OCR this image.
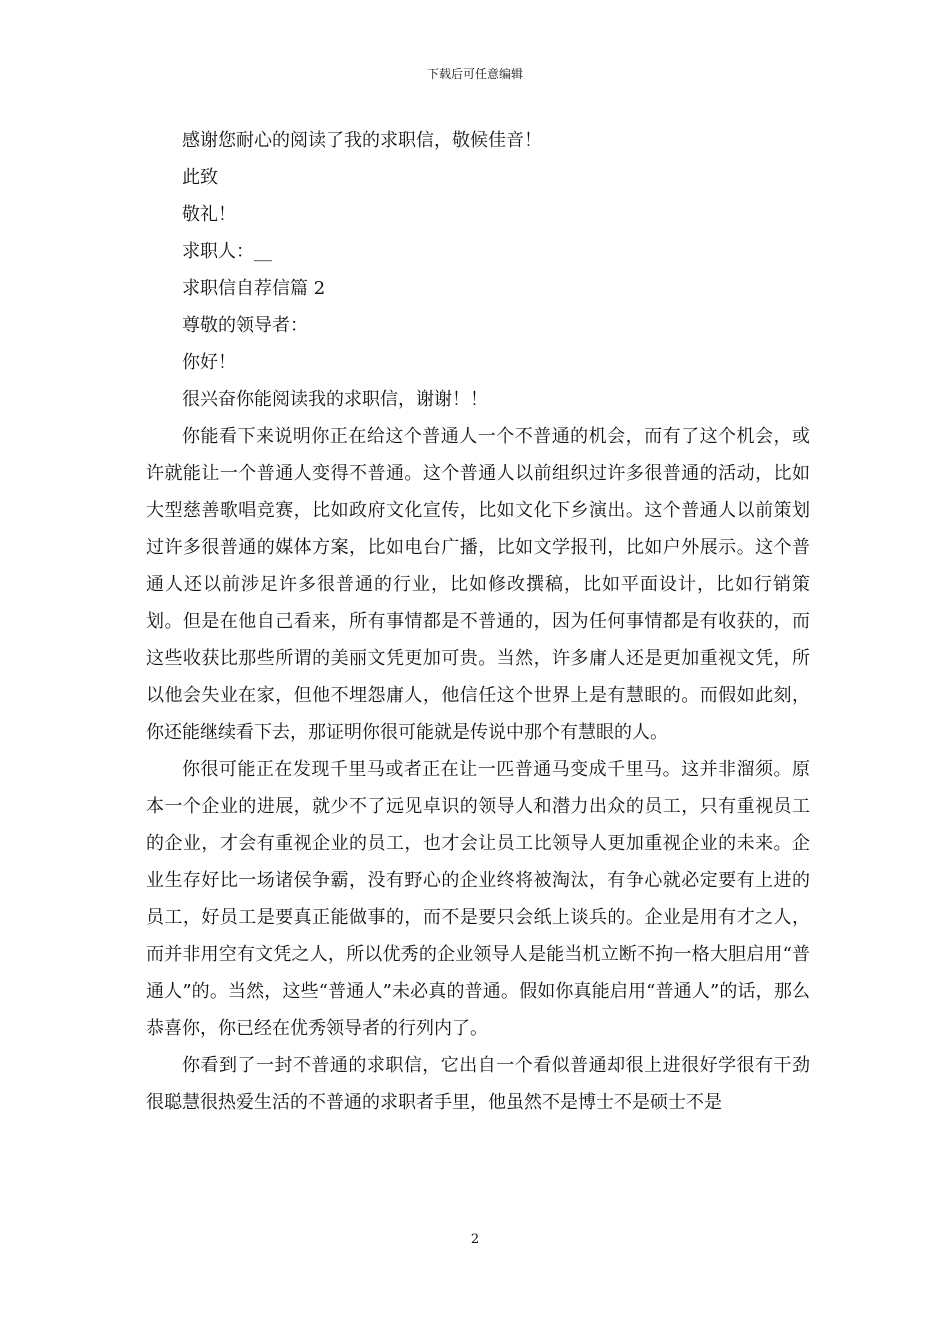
下载后可任意编辑
感谢您耐心的阅读了我的求职信，敬候佳音！
此致
敬礼！
求职人：__
求职信自荐信篇 2
尊敬的领导者：
你好！
很兴奋你能阅读我的求职信，谢谢！！

你能看下来说明你正在给这个普通人一个不普通的机会，而有了这个机会，或许就能让一个普通人变得不普通。这个普通人以前组织过许多很普通的活动，比如大型慈善歌唱竞赛，比如政府文化宣传，比如文化下乡演出。这个普通人以前策划过许多很普通的媒体方案，比如电台广播，比如文学报刊，比如户外展示。这个普通人还以前涉足许多很普通的行业，比如修改撰稿，比如平面设计，比如行销策划。但是在他自己看来，所有事情都是不普通的，因为任何事情都是有收获的，而这些收获比那些所谓的美丽文凭更加可贵。当然，许多庸人还是更加重视文凭，所以他会失业在家，但他不埋怨庸人，他信任这个世界上是有慧眼的。而假如此刻，你还能继续看下去，那证明你很可能就是传说中那个有慧眼的人。

你很可能正在发现千里马或者正在让一匹普通马变成千里马。这并非溜须。原本一个企业的进展，就少不了远见卓识的领导人和潜力出众的员工，只有重视员工的企业，才会有重视企业的员工，也才会让员工比领导人更加重视企业的未来。企业生存好比一场诸侯争霸，没有野心的企业终将被淘汰，有争心就必定要有上进的员工，好员工是要真正能做事的，而不是要只会纸上谈兵的。企业是用有才之人，而并非用空有文凭之人，所以优秀的企业领导人是能当机立断不拘一格大胆启用“普通人”的。当然，这些“普通人”未必真的普通。假如你真能启用“普通人”的话，那么恭喜你，你已经在优秀领导者的行列内了。

你看到了一封不普通的求职信，它出自一个看似普通却很上进很好学很有干劲很聪慧很热爱生活的不普通的求职者手里，他虽然不是博士不是硕士不是

2
